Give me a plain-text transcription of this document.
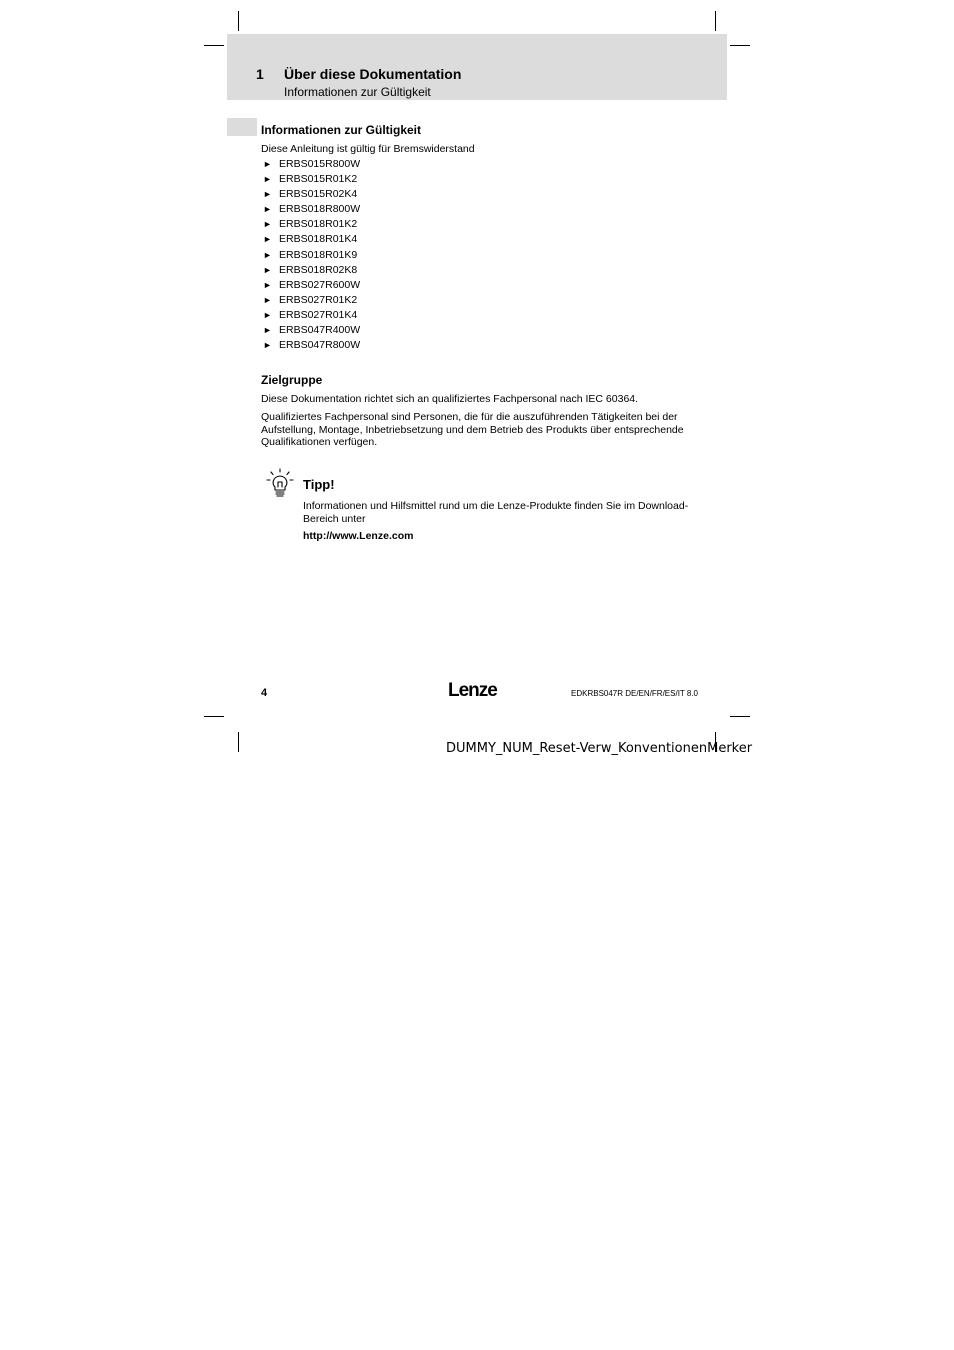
1 Über diese Dokumentation
Informationen zur Gültigkeit
Informationen zur Gültigkeit
Diese Anleitung ist gültig für Bremswiderstand
► ERBS015R800W
► ERBS015R01K2
► ERBS015R02K4
► ERBS018R800W
► ERBS018R01K2
► ERBS018R01K4
► ERBS018R01K9
► ERBS018R02K8
► ERBS027R600W
► ERBS027R01K2
► ERBS027R01K4
► ERBS047R400W
► ERBS047R800W
Zielgruppe
Diese Dokumentation richtet sich an qualifiziertes Fachpersonal nach IEC 60364.
Qualifiziertes Fachpersonal sind Personen, die für die auszuführenden Tätigkeiten bei der Aufstellung, Montage, Inbetriebsetzung und dem Betrieb des Produkts über entsprechende Qualifikationen verfügen.
Tipp!
Informationen und Hilfsmittel rund um die Lenze-Produkte finden Sie im Download-Bereich unter
http://www.Lenze.com
4	Lenze	EDKRBS047R DE/EN/FR/ES/IT 8.0
DUMMY_NUM_Reset-Verw_KonventionenMerker
